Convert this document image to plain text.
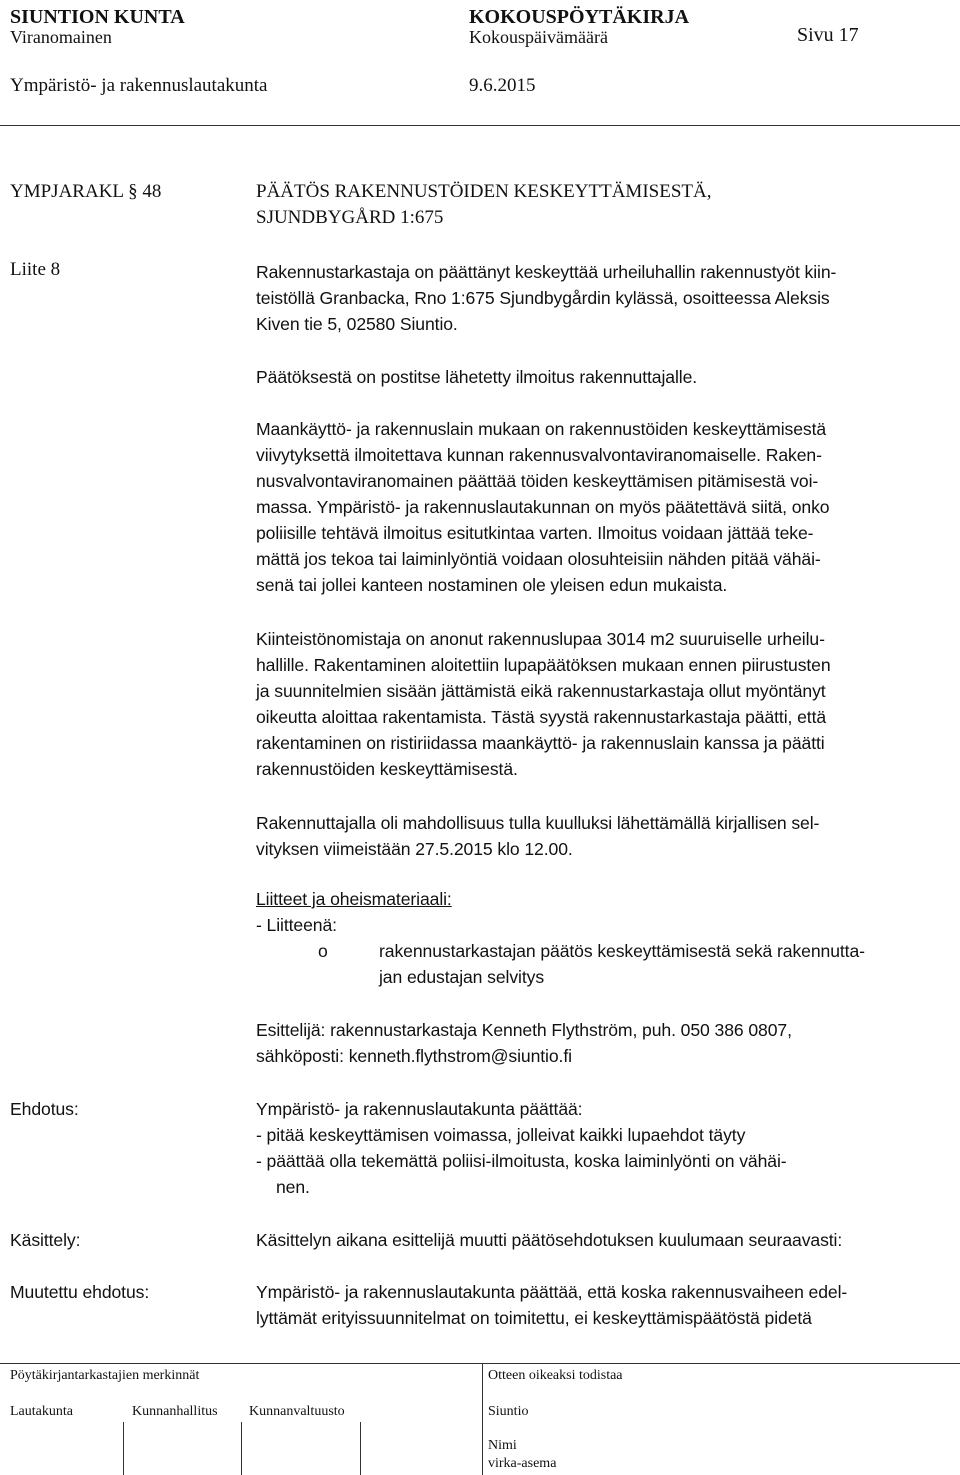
SIUNTION KUNTA	KOKOUSPÖYTÄKIRJA
Viranomainen	Kokouspäivämäärä	Sivu 17
Ympäristö- ja rakennuslautakunta	9.6.2015
YMPJARAKL § 48	PÄÄTÖS RAKENNUSTÖIDEN KESKEYTTÄMISESTÄ,
SJUNDBYGÅRD 1:675
Liite 8	Rakennustarkastaja on päättänyt keskeyttää urheiluhallin rakennustyöt kiin-
teistöllä Granbacka, Rno 1:675 Sjundbygårdin kylässä, osoitteessa Aleksis
Kiven tie 5, 02580 Siuntio.
Päätöksestä on postitse lähetetty ilmoitus rakennuttajalle.
Maankäyttö- ja rakennuslain mukaan on rakennustöiden keskeyttämisestä
viivytyksettä ilmoitettava kunnan rakennusvalvontaviranomaiselle. Raken-
nusvalvontaviranomainen päättää töiden keskeyttämisen pitämisestä voi-
massa. Ympäristö- ja rakennuslautakunnan on myös päätettävä siitä, onko
poliisille tehtävä ilmoitus esitutkintaa varten. Ilmoitus voidaan jättää teke-
mättä jos tekoa tai laiminlyöntiä voidaan olosuhteisiin nähden pitää vähäi-
senä tai jollei kanteen nostaminen ole yleisen edun mukaista.
Kiinteistönomistaja on anonut rakennuslupaa 3014 m2 suuruiselle urheilu-
hallille. Rakentaminen aloitettiin lupapäätöksen mukaan ennen piirustusten
ja suunnitelmien sisään jättämistä eikä rakennustarkastaja ollut myöntänyt
oikeutta aloittaa rakentamista. Tästä syystä rakennustarkastaja päätti, että
rakentaminen on ristiriidassa maankäyttö- ja rakennuslain kanssa ja päätti
rakennustöiden keskeyttämisestä.
Rakennuttajalla oli mahdollisuus tulla kuulluksi lähettämällä kirjallisen sel-
vityksen viimeistään 27.5.2015 klo 12.00.
Liitteet ja oheismateriaali:
- Liitteenä:
o	rakennustarkastajan päätös keskeyttämisestä sekä rakennutta-
jan edustajan selvitys
Esittelijä: rakennustarkastaja Kenneth Flythström, puh. 050 386 0807,
sähköposti: kenneth.flythstrom@siuntio.fi
Ehdotus:	Ympäristö- ja rakennuslautakunta päättää:
- pitää keskeyttämisen voimassa, jolleivat kaikki lupaehdot täyty
- päättää olla tekemättä poliisi-ilmoitusta, koska laiminlyönti on vähäi-
nen.
Käsittely:	Käsittelyn aikana esittelijä muutti päätösehdotuksen kuulumaan seuraavasti:
Muutettu ehdotus:	Ympäristö- ja rakennuslautakunta päättää, että koska rakennusvaiheen edel-
lyttämät erityissuunnitelmat on toimitettu, ei keskeyttämispäätöstä pidetä
Pöytäkirjantarkastajien merkinnät	Otteen oikeaksi todistaa
Lautakunta	Kunnanhallitus Kunnanvaltuusto	Siuntio
Nimi
virka-asema
